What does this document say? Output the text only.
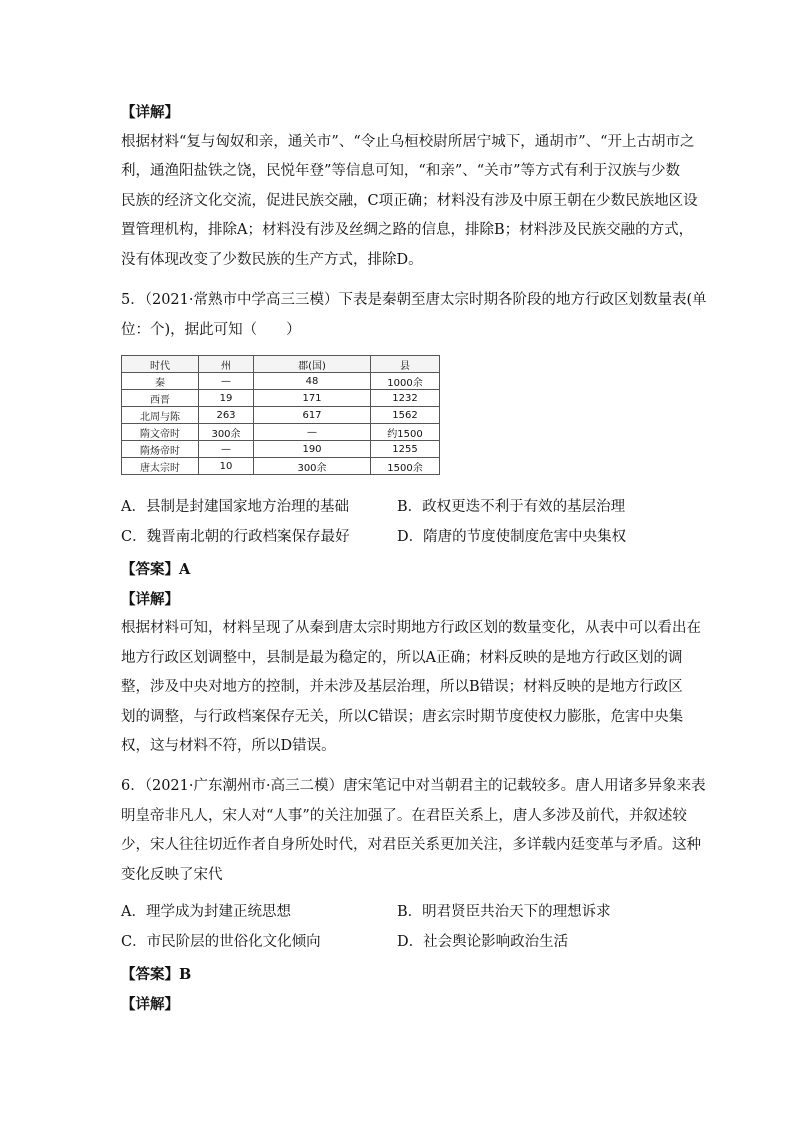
【详解】
根据材料“复与匈奴和亲，通关市”、“令止乌桓校尉所居宁城下，通胡市”、“开上古胡市之
利，通渔阳盐铁之饶，民悦年登”等信息可知，“和亲”、“关市”等方式有利于汉族与少数
民族的经济文化交流，促进民族交融，C项正确；材料没有涉及中原王朝在少数民族地区设
置管理机构，排除A；材料没有涉及丝绸之路的信息，排除B；材料涉及民族交融的方式，
没有体现改变了少数民族的生产方式，排除D。
5．（2021·常熟市中学高三三模）下表是秦朝至唐太宗时期各阶段的地方行政区划数量表(单
位：个)，据此可知（　　）
时代	州	郡(国)	县
秦	—	48	1000余
西晋	19	171	1232
北周与陈	263	617	1562
隋文帝时	300余	—	约1500
隋炀帝时	—	190	1255
唐太宗时	10	300余	1500余
A．县制是封建国家地方治理的基础	B．政权更迭不利于有效的基层治理
C．魏晋南北朝的行政档案保存最好	D．隋唐的节度使制度危害中央集权
【答案】A
【详解】
根据材料可知，材料呈现了从秦到唐太宗时期地方行政区划的数量变化，从表中可以看出在
地方行政区划调整中，县制是最为稳定的，所以A正确；材料反映的是地方行政区划的调
整，涉及中央对地方的控制，并未涉及基层治理，所以B错误；材料反映的是地方行政区
划的调整，与行政档案保存无关，所以C错误；唐玄宗时期节度使权力膨胀，危害中央集
权，这与材料不符，所以D错误。
6．（2021·广东潮州市·高三二模）唐宋笔记中对当朝君主的记载较多。唐人用诸多异象来表
明皇帝非凡人，宋人对“人事”的关注加强了。在君臣关系上，唐人多涉及前代，并叙述较
少，宋人往往切近作者自身所处时代，对君臣关系更加关注，多详载内廷变革与矛盾。这种
变化反映了宋代
A．理学成为封建正统思想	B．明君贤臣共治天下的理想诉求
C．市民阶层的世俗化文化倾向	D．社会舆论影响政治生活
【答案】B
【详解】
